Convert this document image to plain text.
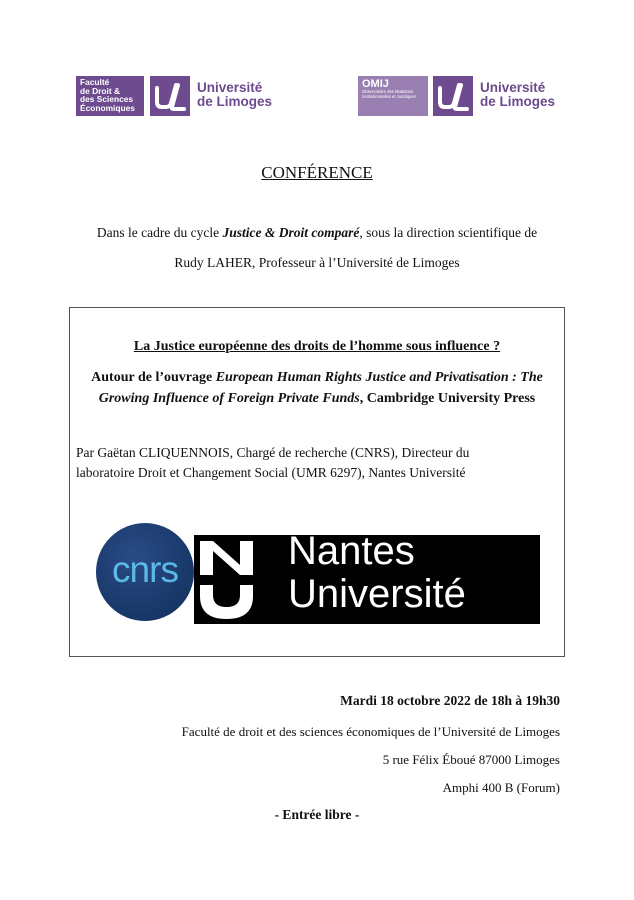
Faculté
de Droit &
des Sciences
Économiques
Université
de Limoges
OMIJ
Observatoire des Mutations Institutionnelles et Juridiques
Université
de Limoges
CONFÉRENCE
Dans le cadre du cycle Justice & Droit comparé, sous la direction scientifique de
Rudy LAHER, Professeur à l’Université de Limoges
La Justice européenne des droits de l’homme sous influence ?
Autour de l’ouvrage European Human Rights Justice and Privatisation : The Growing Influence of Foreign Private Funds, Cambridge University Press
Par Gaëtan CLIQUENNOIS, Chargé de recherche (CNRS), Directeur du
laboratoire Droit et Changement Social (UMR 6297), Nantes Université
cnrs	Nantes
Université
Mardi 18 octobre 2022 de 18h à 19h30
Faculté de droit et des sciences économiques de l’Université de Limoges
5 rue Félix Éboué 87000 Limoges
Amphi 400 B (Forum)
- Entrée libre -
